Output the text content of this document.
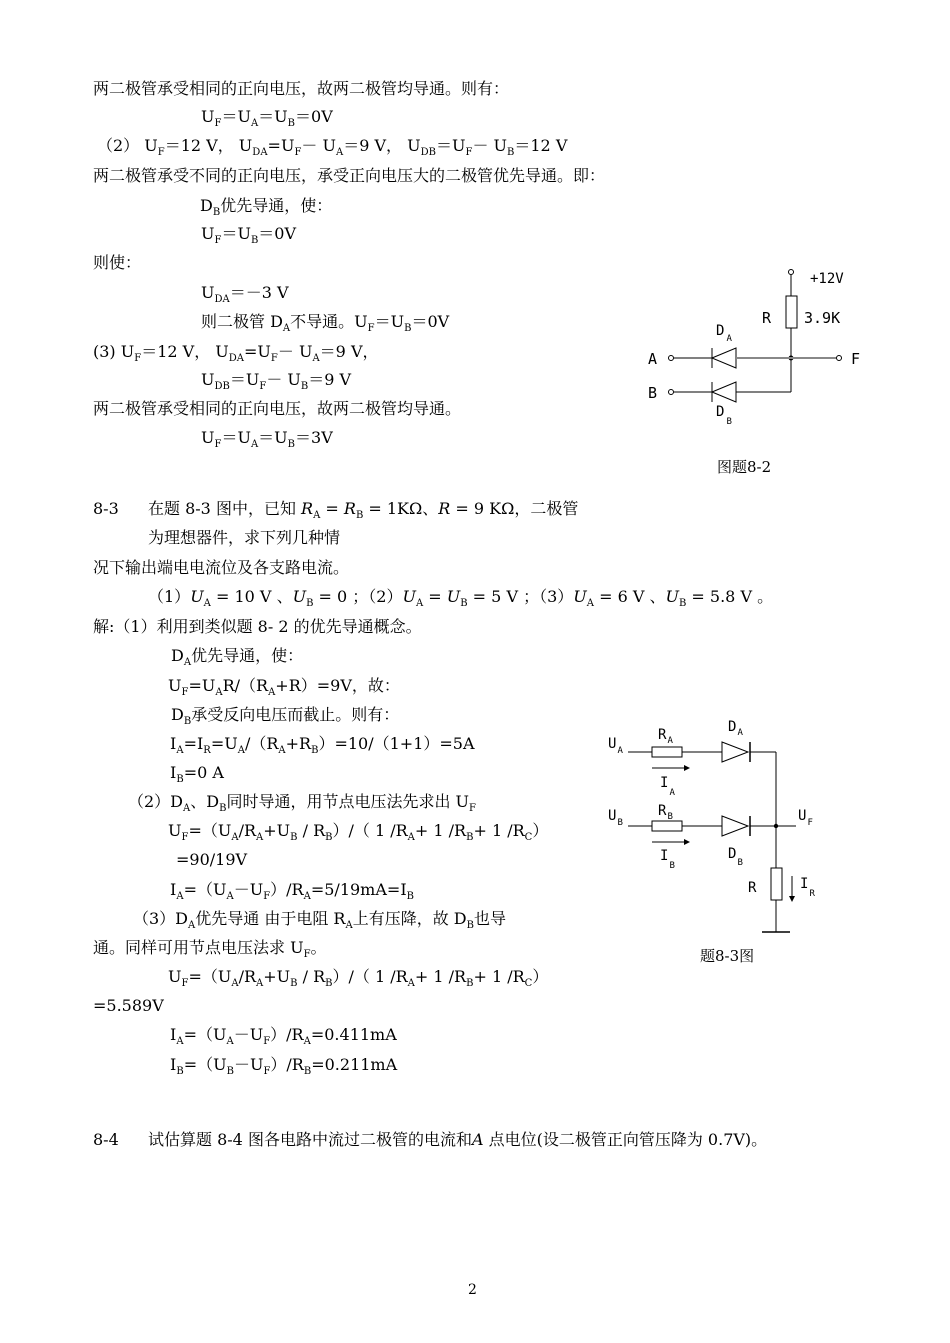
两二极管承受相同的正向电压，故两二极管均导通。则有：
$U_F=U_A=U_B=0V$
（2） $U_F=12$ V， $U_{DA}=U_F- U_A=9$ V， $U_{DB}=U_F- U_B=12$ V
两二极管承受不同的正向电压，承受正向电压大的二极管优先导通。即：
$D_B$优先导通，使：
$U_F=U_B=0V$
则使：
$U_{DA}=-3$ V
则二极管 $D_A$不导通。$U_F=U_B=0V$
(3) $U_F=12$ V， $U_{DA}=U_F- U_A=9$ V，
$U_{DB}=U_F- U_B=9$ V
两二极管承受相同的正向电压，故两二极管均导通。
$U_F=U_A=U_B=3V$
+12V
R 3.9K
A
D $_A$
F
B
$D_B$
图题8-2
8-3 在题 8-3 图中，已知 $R_A = R_B = 1K\Omega$、R = 9 KΩ，二极管
为理想器件，求下列几种情
况下输出端电电流位及各支路电流。
$(1)U_A = 10$ V 、$U_B = 0$ ；$(2)U_A = U_B = 5$ V ；$(3)U_A = 6$ V 、$U_B = 5.8$ V 。
解:（1）利用到类似题 8- 2 的优先导通概念。
$D_A$优先导通，使：
$U_F=U_AR/(R_A+R)=9V$，故：
$D_B$承受反向电压而截止。则有：
$I_A=I_R=U_A/(R_A+R_B)=10/(1+1)=5A$
$I_B=0$ A
$(2)D_A$、$D_B$同时导通，用节点电压法先求出 $U_F$
$U_F=(U_A/R_A+U_B / R_B)/$（ 1 $/R_A+ 1$ $/R_B+ 1$ $/R_C$）
=90/19V
$I_A=(U_A-U_F)/R_A=5/19mA=I_B$
$(3)D_A$优先导通 由于电阻 $R_A$上有压降，故 $D_B$也导
通。同样可用节点电压法求 $U_F$。
$U_F=(U_A/R_A+U_B / R_B)/$（ 1 $/R_A+ 1$ $/R_B+ 1$ $/R_C$）
=5.589V
$I_A=(U_A-U_F)/R_A=0.411mA$
$I_B=(U_B-U_F)/R_B=0.211mA$
$U_A$
$R_A$
$D_A$
$I_A$
$U_B$
$R_B$
$D_B$
$I_B$
$U_F$
R	$I_R$
题8-3图
8-4 试估算题 8-4 图各电路中流过二极管的电流和A 点电位(设二极管正向管压降为 0.7V)。
2
